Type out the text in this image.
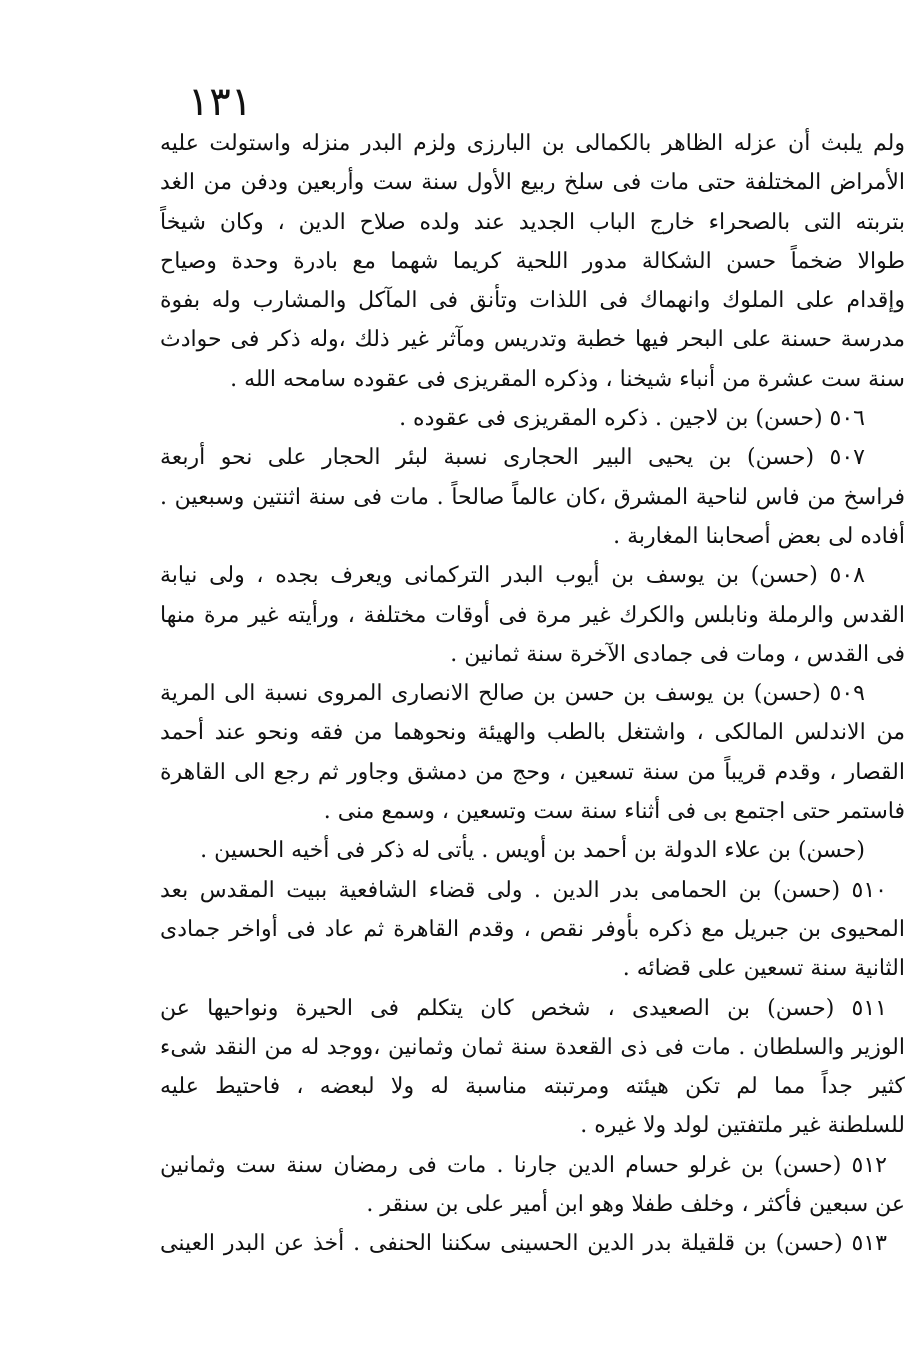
١٣١
ولم يلبث أن عزله الظاهر بالكمالى بن البارزى ولزم البدر منزله واستولت عليه
الأمراض المختلفة حتى مات فى سلخ ربيع الأول سنة ست وأربعين ودفن من الغد
بتربته التى بالصحراء خارج الباب الجديد عند ولده صلاح الدين ، وكان شيخاً
طوالا ضخماً حسن الشكالة مدور اللحية كريما شهما مع بادرة وحدة وصياح
وإقدام على الملوك وانهماك فى اللذات وتأنق فى المآكل والمشارب وله بفوة
مدرسة حسنة على البحر فيها خطبة وتدريس ومآثر غير ذلك ،وله ذكر فى حوادث
سنة ست عشرة من أنباء شيخنا ، وذكره المقريزى فى عقوده سامحه الله .
٥٠٦ (حسن) بن لاجين . ذكره المقريزى فى عقوده .
٥٠٧ (حسن) بن يحيى البير الحجارى نسبة لبئر الحجار على نحو أربعة
فراسخ من فاس لناحية المشرق ،كان عالماً صالحاً . مات فى سنة اثنتين وسبعين .
أفاده لى بعض أصحابنا المغاربة .
٥٠٨ (حسن) بن يوسف بن أيوب البدر التركمانى ويعرف بجده ، ولى نيابة
القدس والرملة ونابلس والكرك غير مرة فى أوقات مختلفة ، ورأيته غير مرة منها
فى القدس ، ومات فى جمادى الآخرة سنة ثمانين .
٥٠٩ (حسن) بن يوسف بن حسن بن صالح الانصارى المروى نسبة الى المرية
من الاندلس المالكى ، واشتغل بالطب والهيئة ونحوهما من فقه ونحو عند أحمد
القصار ، وقدم قريباً من سنة تسعين ، وحج من دمشق وجاور ثم رجع الى القاهرة
فاستمر حتى اجتمع بى فى أثناء سنة ست وتسعين ، وسمع منى .
(حسن) بن علاء الدولة بن أحمد بن أويس . يأتى له ذكر فى أخيه الحسين .
٥١٠ (حسن) بن الحمامى بدر الدين . ولى قضاء الشافعية ببيت المقدس بعد
المحيوى بن جبريل مع ذكره بأوفر نقص ، وقدم القاهرة ثم عاد فى أواخر جمادى
الثانية سنة تسعين على قضائه .
٥١١ (حسن) بن الصعيدى ، شخص كان يتكلم فى الحيرة ونواحيها عن
الوزير والسلطان . مات فى ذى القعدة سنة ثمان وثمانين ،ووجد له من النقد شىء
كثير جداً مما لم تكن هيئته ومرتبته مناسبة له ولا لبعضه ، فاحتيط عليه
للسلطنة غير ملتفتين لولد ولا غيره .
٥١٢ (حسن) بن غرلو حسام الدين جارنا . مات فى رمضان سنة ست وثمانين
عن سبعين فأكثر ، وخلف طفلا وهو ابن أمير على بن سنقر .
٥١٣ (حسن) بن قلقيلة بدر الدين الحسينى سكننا الحنفى . أخذ عن البدر العينى
